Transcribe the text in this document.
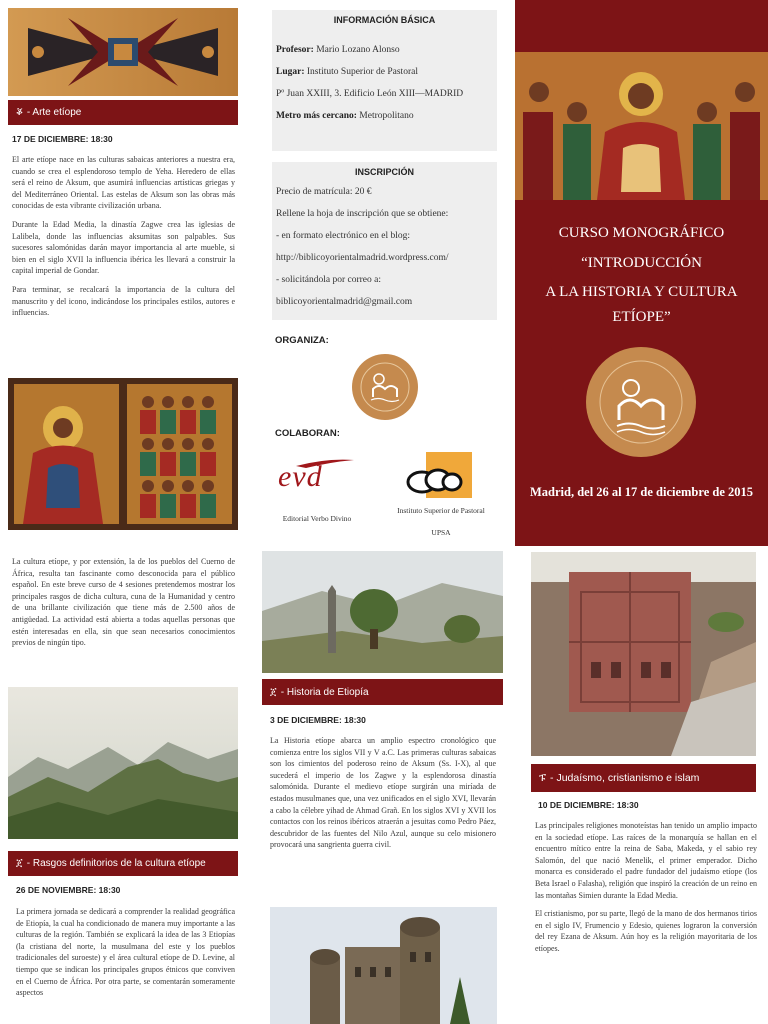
ቖ - Arte etíope
17 DE DICIEMBRE: 18:30

El arte etíope nace en las culturas sabaicas anteriores a nuestra era, cuando se crea el esplendoroso templo de Yeha. Heredero de ellas será el reino de Aksum, que asumirá influencias artísticas griegas y del Mediterráneo Oriental. Las estelas de Aksum son las obras más conocidas de esta vibrante civilización urbana.

Durante la Edad Media, la dinastía Zagwe crea las iglesias de Lalibela, donde las influencias aksumitas son palpables. Sus sucesores salomónidas darán mayor importancia al arte mueble, si bien en el siglo XVII la influencia ibérica les llevará a construir la capital imperial de Gondar.

Para terminar, se recalcará la importancia de la cultura del manuscrito y del icono, indicándose los principales estilos, autores e influencias.

La cultura etíope, y por extensión, la de los pueblos del Cuerno de África, resulta tan fascinante como desconocida para el público español. En este breve curso de 4 sesiones pretendemos mostrar los principales rasgos de dicha cultura, cuna de la Humanidad y centro de una brillante civilización que tiene más de 2.500 años de antigüedad. La actividad está abierta a todas aquellas personas que estén interesadas en ella, sin que sean necesarios conocimientos previos de ningún tipo.
ጀ - Rasgos definitorios de la cultura etíope
26 DE NOVIEMBRE: 18:30
La primera jornada se dedicará a comprender la realidad geográfica de Etiopía, la cual ha condicionado de manera muy importante a las culturas de la región. También se explicará la idea de las 3 Etiopías (la cristiana del norte, la musulmana del este y los pueblos tradicionales del suroeste) y el área cultural etíope de D. Levine, al tiempo que se indican los principales grupos étnicos que conviven en el Cuerno de África. Por otra parte, se comentarán someramente aspectos
INFORMACIÓN BÁSICA
Profesor: Mario Lozano Alonso
Lugar: Instituto Superior de Pastoral
Pº Juan XXIII, 3. Edificio León XIII—MADRID
Metro más cercano: Metropolitano
INSCRIPCIÓN
Precio de matrícula: 20 €
Rellene la hoja de inscripción que se obtiene:
- en formato electrónico en el blog:
http://biblicoyorientalmadrid.wordpress.com/
- solicitándola por correo a:
biblicoyorientalmadrid@gmail.com
ORGANIZA:
COLABORAN:
evd
Editorial Verbo Divino
Instituto Superior de Pastoral
UPSA
ጀ - Historia de Etiopía
3 DE DICIEMBRE: 18:30
La Historia etíope abarca un amplio espectro cronológico que comienza entre los siglos VII y V a.C. Las primeras culturas sabaicas son los cimientos del poderoso reino de Aksum (Ss. I-X), al que sucederá el imperio de los Zagwe y la esplendorosa dinastía salomónida. Durante el medievo etíope surgirán una miríada de estados musulmanes que, una vez unificados en el siglo XVI, llevarán a cabo la célebre yihad de Ahmad Grañ. En los siglos XVI y XVII los contactos con los reinos ibéricos atraerán a jesuitas como Pedro Páez, descubridor de las fuentes del Nilo Azul, aunque su celo misionero provocará una sangrienta guerra civil.
CURSO MONOGRÁFICO
“INTRODUCCIÓN
A LA HISTORIA Y CULTURA
ETÍOPE”
Madrid, del 26 al 17 de diciembre de 2015
ፑ - Judaísmo, cristianismo e islam
10 DE DICIEMBRE: 18:30

Las principales religiones monoteístas han tenido un amplio impacto en la sociedad etíope. Las raíces de la monarquía se hallan en el encuentro mítico entre la reina de Saba, Makeda, y el sabio rey Salomón, del que nació Menelik, el primer emperador. Dicho monarca es considerado el padre fundador del judaísmo etíope (los Beta Israel o Falasha), religión que inspiró la creación de un reino en las montañas Simien durante la Edad Media.

El cristianismo, por su parte, llegó de la mano de dos hermanos tirios en el siglo IV, Frumencio y Edesio, quienes lograron la conversión del rey Ezana de Aksum. Aún hoy es la religión mayoritaria de los etíopes.
